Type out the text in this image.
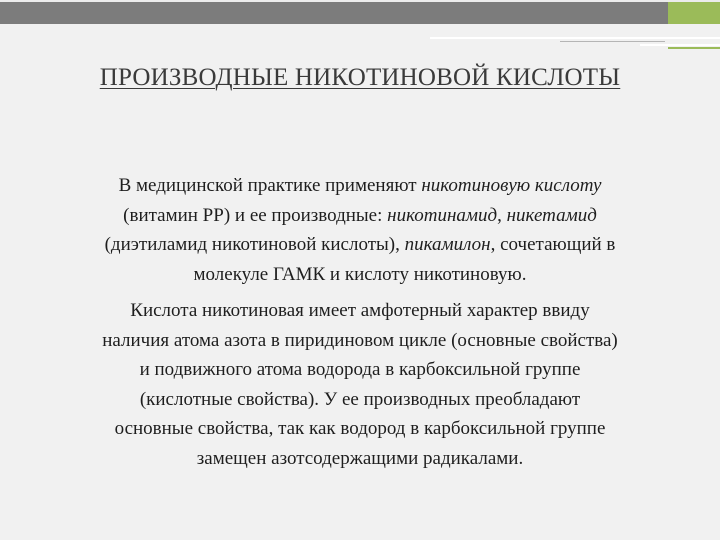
ПРОИЗВОДНЫЕ НИКОТИНОВОЙ КИСЛОТЫ
В медицинской практике применяют никотиновую кислоту
(витамин РР) и ее производные: никотинамид, никетамид
(диэтиламид никотиновой кислоты), пикамилон, сочетающий в
молекуле ГАМК и кислоту никотиновую.
Кислота никотиновая имеет амфотерный характер ввиду
наличия атома азота в пиридиновом цикле (основные свойства)
и подвижного атома водорода в карбоксильной группе
(кислотные свойства). У ее производных преобладают
основные свойства, так как водород в карбоксильной группе
замещен азотсодержащими радикалами.
